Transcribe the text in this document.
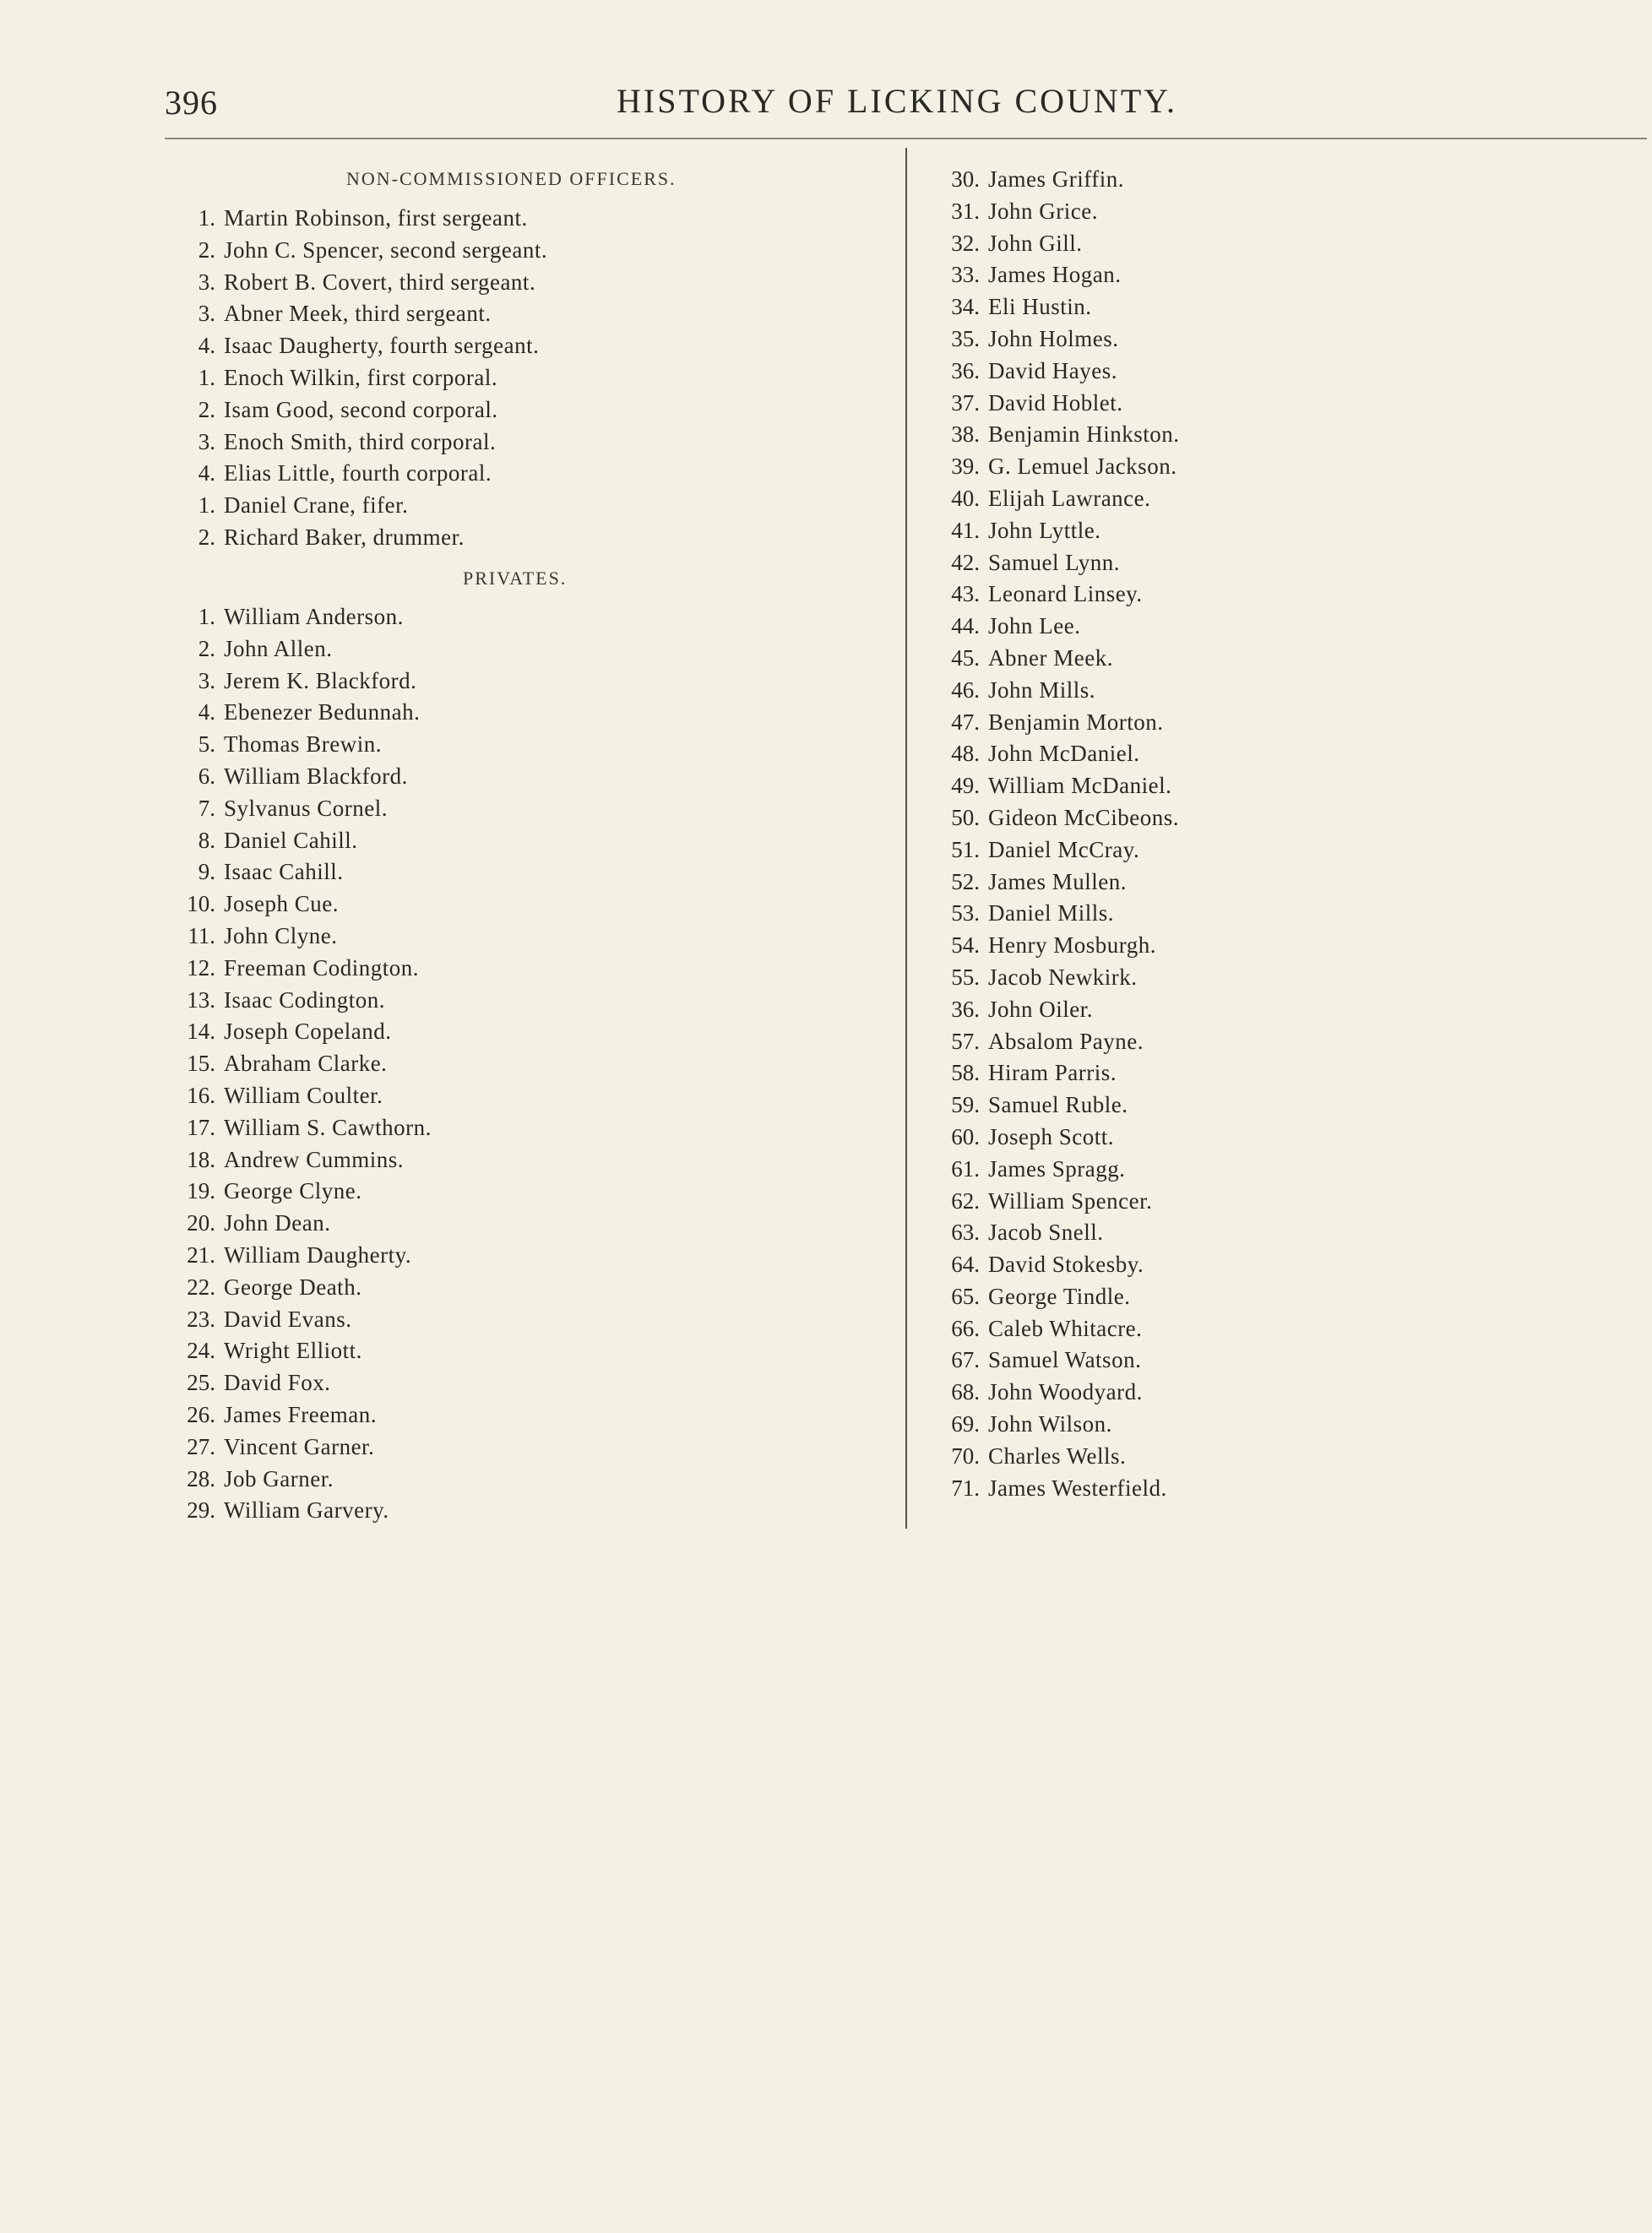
396	HISTORY OF LICKING COUNTY.
NON-COMMISSIONED OFFICERS.
1. Martin Robinson, first sergeant.
2. John C. Spencer, second sergeant.
3. Robert B. Covert, third sergeant.
3. Abner Meek, third sergeant.
4. Isaac Daugherty, fourth sergeant.
1. Enoch Wilkin, first corporal.
2. Isam Good, second corporal.
3. Enoch Smith, third corporal.
4. Elias Little, fourth corporal.
1. Daniel Crane, fifer.
2. Richard Baker, drummer.
PRIVATES.
1. William Anderson.
2. John Allen.
3. Jerem K. Blackford.
4. Ebenezer Bedunnah.
5. Thomas Brewin.
6. William Blackford.
7. Sylvanus Cornel.
8. Daniel Cahill.
9. Isaac Cahill.
10. Joseph Cue.
11. John Clyne.
12. Freeman Codington.
13. Isaac Codington.
14. Joseph Copeland.
15. Abraham Clarke.
16. William Coulter.
17. William S. Cawthorn.
18. Andrew Cummins.
19. George Clyne.
20. John Dean.
21. William Daugherty.
22. George Death.
23. David Evans.
24. Wright Elliott.
25. David Fox.
26. James Freeman.
27. Vincent Garner.
28. Job Garner.
29. William Garvery.
30. James Griffin.
31. John Grice.
32. John Gill.
33. James Hogan.
34. Eli Hustin.
35. John Holmes.
36. David Hayes.
37. David Hoblet.
38. Benjamin Hinkston.
39. G. Lemuel Jackson.
40. Elijah Lawrance.
41. John Lyttle.
42. Samuel Lynn.
43. Leonard Linsey.
44. John Lee.
45. Abner Meek.
46. John Mills.
47. Benjamin Morton.
48. John McDaniel.
49. William McDaniel.
50. Gideon McCibeons.
51. Daniel McCray.
52. James Mullen.
53. Daniel Mills.
54. Henry Mosburgh.
55. Jacob Newkirk.
36. John Oiler.
57. Absalom Payne.
58. Hiram Parris.
59. Samuel Ruble.
60. Joseph Scott.
61. James Spragg.
62. William Spencer.
63. Jacob Snell.
64. David Stokesby.
65. George Tindle.
66. Caleb Whitacre.
67. Samuel Watson.
68. John Woodyard.
69. John Wilson.
70. Charles Wells.
71. James Westerfield.
